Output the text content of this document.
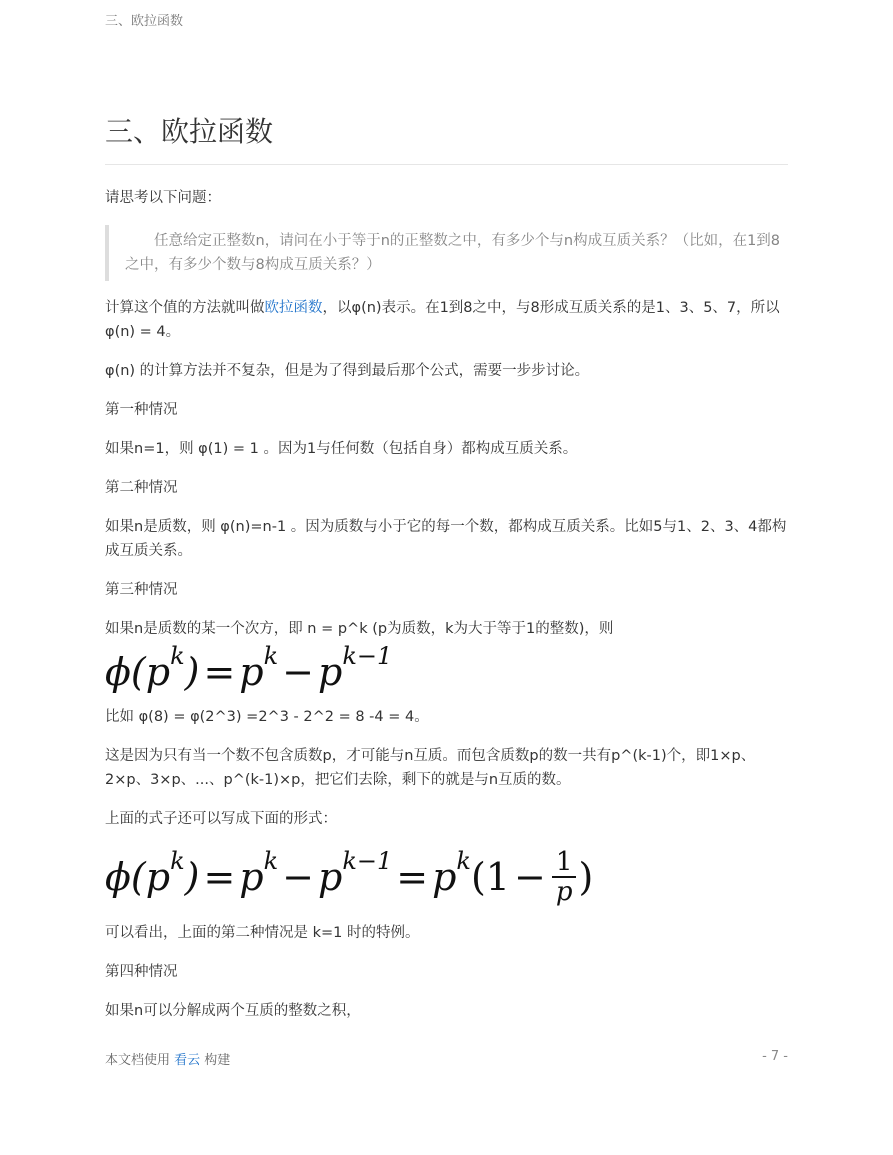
三、欧拉函数
三、欧拉函数

请思考以下问题：

任意给定正整数n，请问在小于等于n的正整数之中，有多少个与n构成互质关系？（比如，在1到8之中，有多少个数与8构成互质关系？）

计算这个值的方法就叫做欧拉函数，以φ(n)表示。在1到8之中，与8形成互质关系的是1、3、5、7，所以 φ(n) = 4。

φ(n) 的计算方法并不复杂，但是为了得到最后那个公式，需要一步步讨论。

第一种情况

如果n=1，则 φ(1) = 1 。因为1与任何数（包括自身）都构成互质关系。

第二种情况

如果n是质数，则 φ(n)=n-1 。因为质数与小于它的每一个数，都构成互质关系。比如5与1、2、3、4都构成互质关系。

第三种情况

如果n是质数的某一个次方，即 n = p^k (p为质数，k为大于等于1的整数)，则

ϕ(p k ) = p k − p k−1

比如 φ(8) = φ(2^3) =2^3 - 2^2 = 8 -4 = 4。

这是因为只有当一个数不包含质数p，才可能与n互质。而包含质数p的数一共有p^(k-1)个，即1×p、2×p、3×p、...、p^(k-1)×p，把它们去除，剩下的就是与n互质的数。

上面的式子还可以写成下面的形式：

ϕ(p k ) = p k − p k−1 = p k ($1 - \frac{1}{p}$ )

可以看出，上面的第二种情况是 k=1 时的特例。

第四种情况

如果n可以分解成两个互质的整数之积，

本文档使用 看云 构建	- 7 -
